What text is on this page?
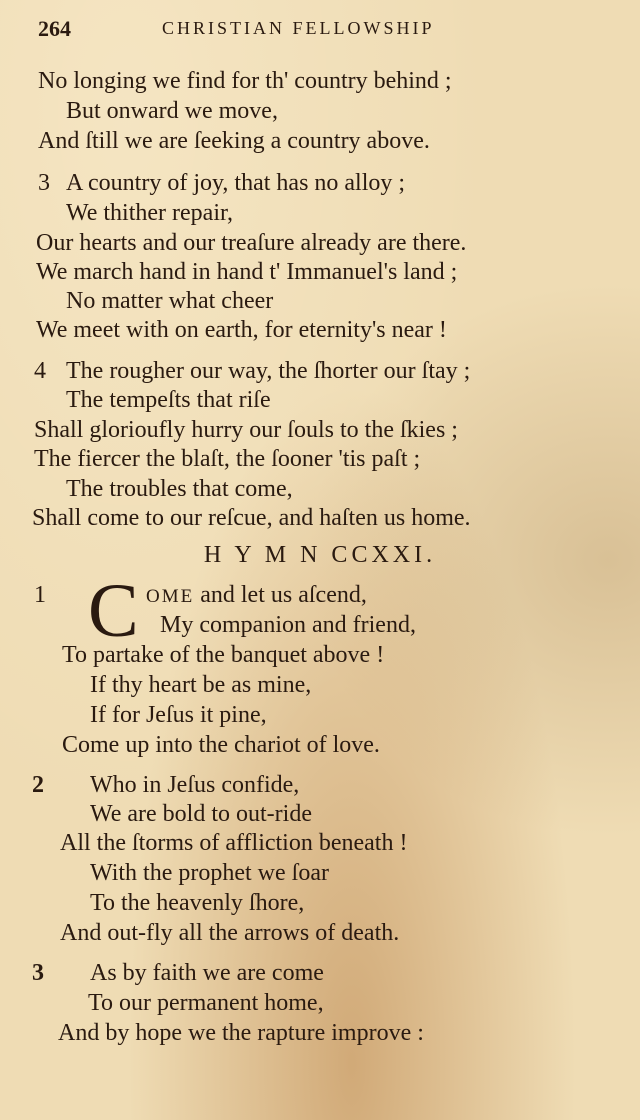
264	CHRISTIAN FELLOWSHIP
No longing we find for th' country behind ;
But onward we move,
And ſtill we are ſeeking a country above.
3 A country of joy, that has no alloy ;
We thither repair,
Our hearts and our treaſure already are there.
We march hand in hand t' Immanuel's land ;
No matter what cheer
We meet with on earth, for eternity's near !
4 The rougher our way, the ſhorter our ſtay ;
The tempeſts that riſe
Shall glorioufly hurry our ſouls to the ſkies ;
The fiercer the blaſt, the ſooner 'tis paſt ;
The troubles that come,
Shall come to our reſcue, and haſten us home.
H Y M N CCXXI.
1 C OME and let us aſcend,
My companion and friend,
To partake of the banquet above !
If thy heart be as mine,
If for Jeſus it pine,
Come up into the chariot of love.
2 Who in Jeſus confide,
We are bold to out-ride
All the ſtorms of affliction beneath !
With the prophet we ſoar
To the heavenly ſhore,
And out-fly all the arrows of death.
3 As by faith we are come
To our permanent home,
And by hope we the rapture improve :
